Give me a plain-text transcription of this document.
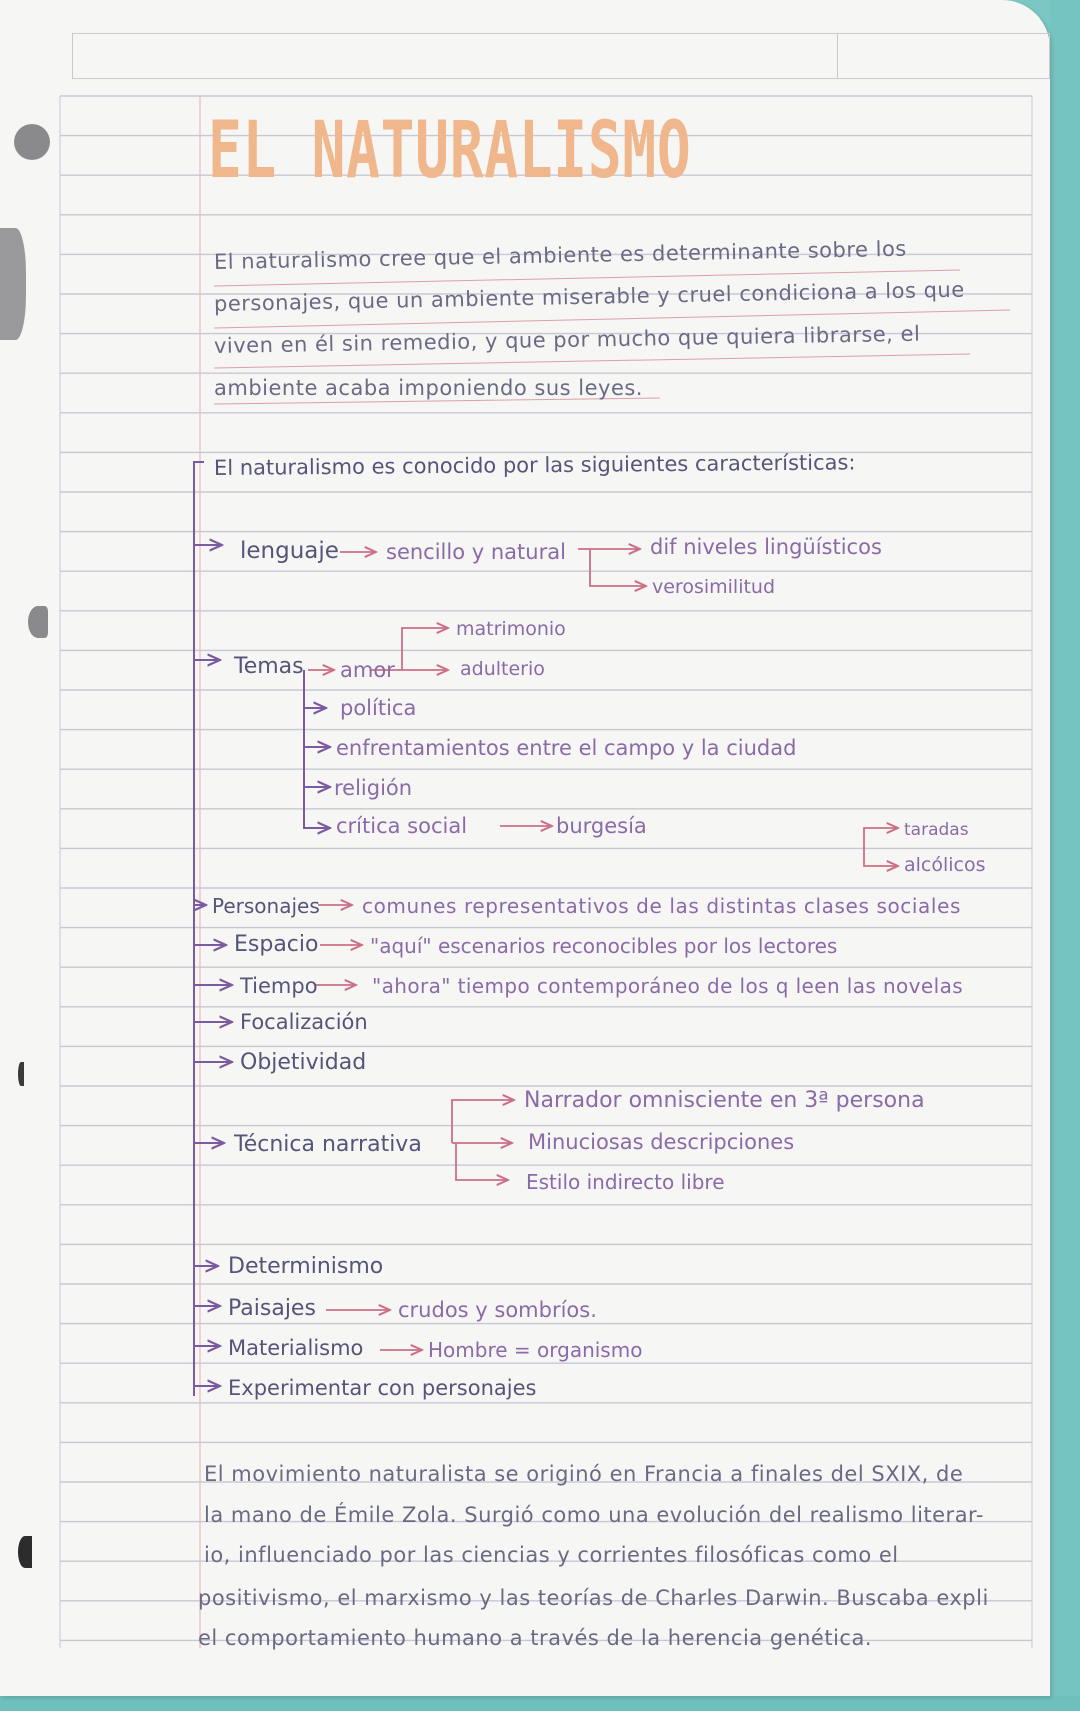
EL NATURALISMO
El naturalismo cree que el ambiente es determinante sobre los
personajes, que un ambiente miserable y cruel condiciona a los que
viven en él sin remedio, y que por mucho que quiera librarse, el
ambiente acaba imponiendo sus leyes.
El naturalismo es conocido por las siguientes características:
lenguaje sencillo y natural	dif niveles lingüísticos
verosimilitud
Temas amor
matrimonio
adulterio
política
enfrentamientos entre el campo y la ciudad
religión
crítica social	burgesía	taradas
alcólicos
Personajes comunes representativos de las distintas clases sociales
Espacio	"aquí" escenarios reconocibles por los lectores
Tiempo	"ahora" tiempo contemporáneo de los q leen las novelas
Focalización
Objetividad
Técnica narrativa
Narrador omnisciente en 3ª persona
Minuciosas descripciones
Estilo indirecto libre
Determinismo
Paisajes	crudos y sombríos.
Materialismo	Hombre = organismo
Experimentar con personajes
El movimiento naturalista se originó en Francia a finales del SXIX, de
la mano de Émile Zola. Surgió como una evolución del realismo literar-
io, influenciado por las ciencias y corrientes filosóficas como el
positivismo, el marxismo y las teorías de Charles Darwin. Buscaba expli
el comportamiento humano a través de la herencia genética.
